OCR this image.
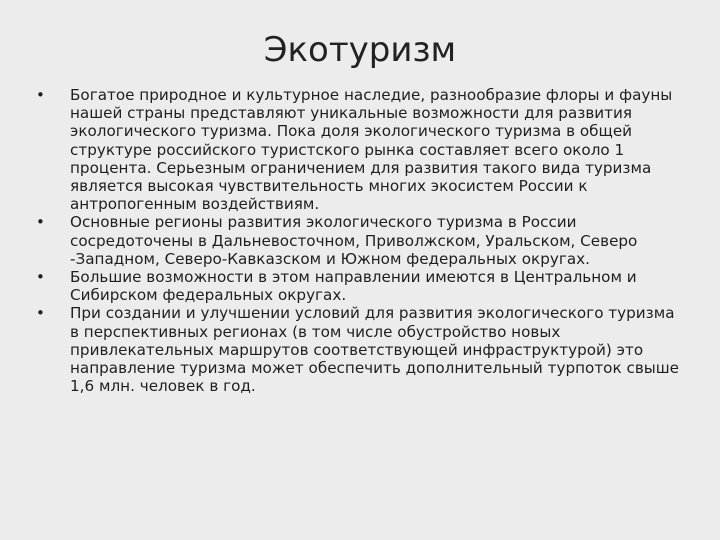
Экотуризм
• Богатое природное и культурное наследие, разнообразие флоры и фауны нашей страны представляют уникальные возможности для развития экологического туризма. Пока доля экологического туризма в общей структуре российского туристского рынка составляет всего около 1 процента. Серьезным ограничением для развития такого вида туризма является высокая чувствительность многих экосистем России к антропогенным воздействиям.
• Основные регионы развития экологического туризма в России сосредоточены в Дальневосточном, Приволжском, Уральском, Северо -Западном, Северо-Кавказском и Южном федеральных округах.
• Большие возможности в этом направлении имеются в Центральном и Сибирском федеральных округах.
• При создании и улучшении условий для развития экологического туризма в перспективных регионах (в том числе обустройство новых привлекательных маршрутов соответствующей инфраструктурой) это направление туризма может обеспечить дополнительный турпоток свыше 1,6 млн. человек в год.
